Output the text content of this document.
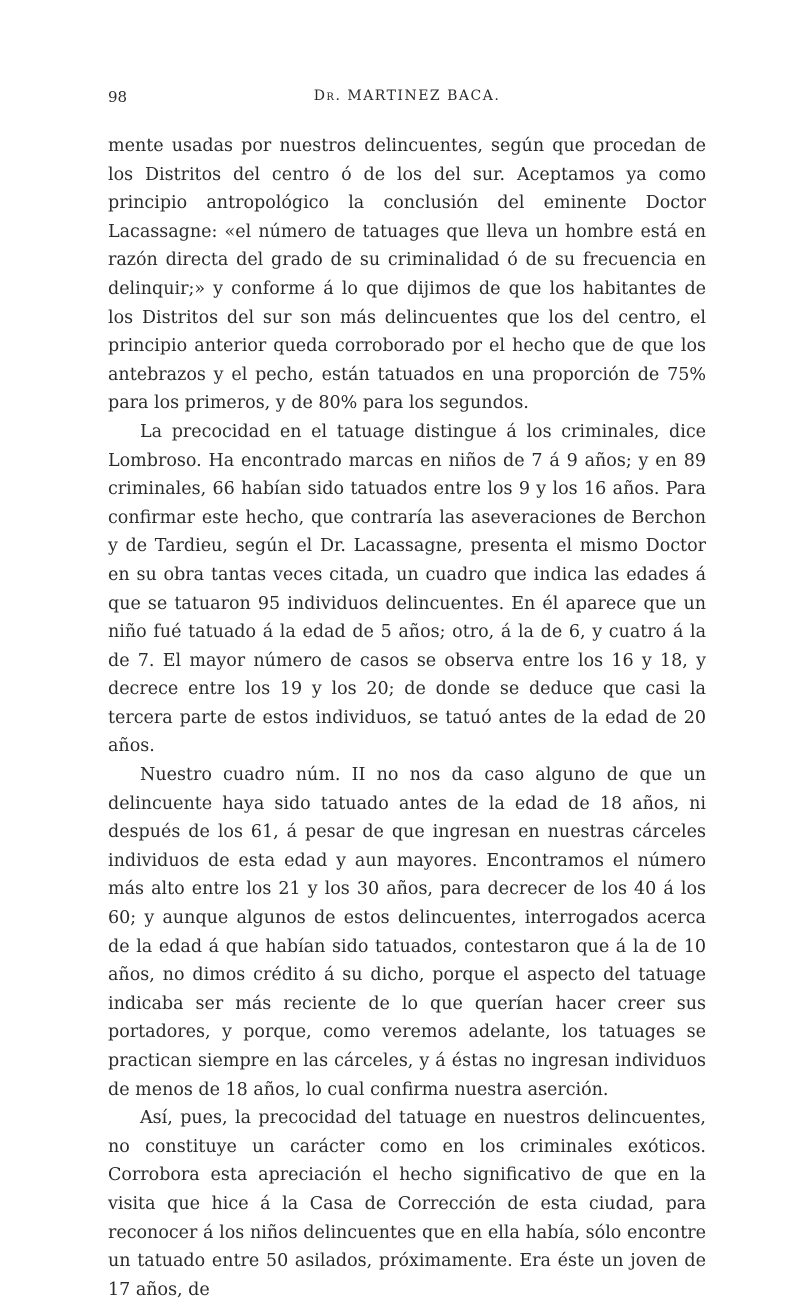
98	Dr. MARTINEZ BACA.

mente usadas por nuestros delincuentes, según que procedan de los Distritos del centro ó de los del sur. Aceptamos ya como principio antropológico la conclusión del eminente Doctor Lacassagne: «el número de tatuages que lleva un hombre está en razón directa del grado de su criminalidad ó de su frecuencia en delinquir;» y conforme á lo que dijimos de que los habitantes de los Distritos del sur son más delincuentes que los del centro, el principio anterior queda corroborado por el hecho que de que los antebrazos y el pecho, están tatuados en una proporción de 75% para los primeros, y de 80% para los segundos.

La precocidad en el tatuage distingue á los criminales, dice Lombroso. Ha encontrado marcas en niños de 7 á 9 años; y en 89 criminales, 66 habían sido tatuados entre los 9 y los 16 años. Para confirmar este hecho, que contraría las aseveraciones de Berchon y de Tardieu, según el Dr. Lacassagne, presenta el mismo Doctor en su obra tantas veces citada, un cuadro que indica las edades á que se tatuaron 95 individuos delincuentes. En él aparece que un niño fué tatuado á la edad de 5 años; otro, á la de 6, y cuatro á la de 7. El mayor número de casos se observa entre los 16 y 18, y decrece entre los 19 y los 20; de donde se deduce que casi la tercera parte de estos individuos, se tatuó antes de la edad de 20 años.

Nuestro cuadro núm. II no nos da caso alguno de que un delincuente haya sido tatuado antes de la edad de 18 años, ni después de los 61, á pesar de que ingresan en nuestras cárceles individuos de esta edad y aun mayores. Encontramos el número más alto entre los 21 y los 30 años, para decrecer de los 40 á los 60; y aunque algunos de estos delincuentes, interrogados acerca de la edad á que habían sido tatuados, contestaron que á la de 10 años, no dimos crédito á su dicho, porque el aspecto del tatuage indicaba ser más reciente de lo que querían hacer creer sus portadores, y porque, como veremos adelante, los tatuages se practican siempre en las cárceles, y á éstas no ingresan individuos de menos de 18 años, lo cual confirma nuestra aserción.

Así, pues, la precocidad del tatuage en nuestros delincuentes, no constituye un carácter como en los criminales exóticos. Corrobora esta apreciación el hecho significativo de que en la visita que hice á la Casa de Corrección de esta ciudad, para reconocer á los niños delincuentes que en ella había, sólo encontre un tatuado entre 50 asilados, próximamente. Era éste un joven de 17 años, de
